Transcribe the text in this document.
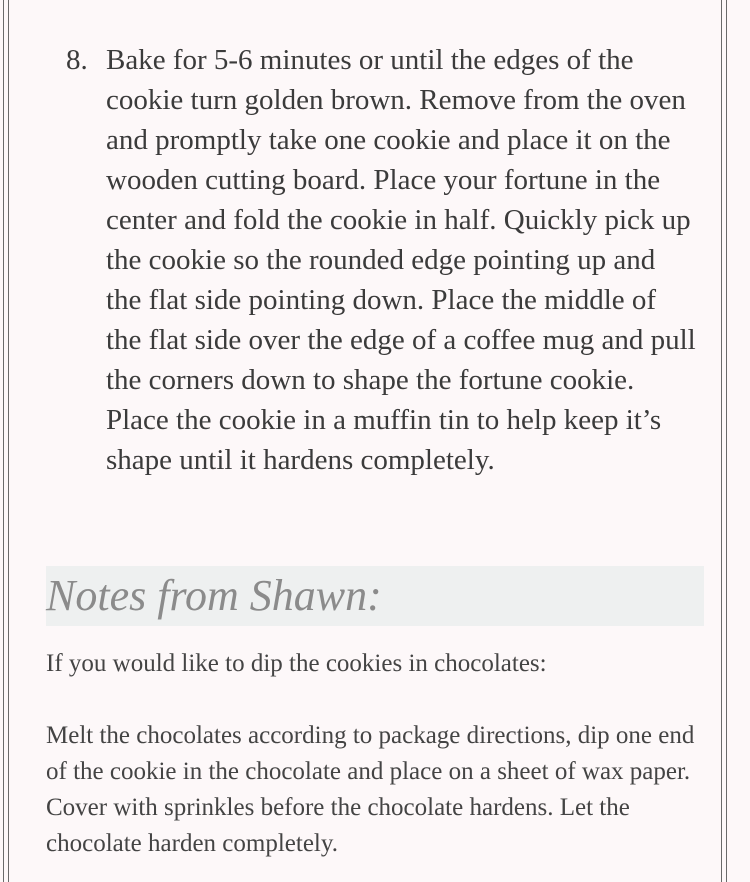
8. Bake for 5-6 minutes or until the edges of the cookie turn golden brown. Remove from the oven and promptly take one cookie and place it on the wooden cutting board. Place your fortune in the center and fold the cookie in half. Quickly pick up the cookie so the rounded edge pointing up and the flat side pointing down. Place the middle of the flat side over the edge of a coffee mug and pull the corners down to shape the fortune cookie. Place the cookie in a muffin tin to help keep it’s shape until it hardens completely.
Notes from Shawn:
If you would like to dip the cookies in chocolates:
Melt the chocolates according to package directions, dip one end of the cookie in the chocolate and place on a sheet of wax paper. Cover with sprinkles before the chocolate hardens. Let the chocolate harden completely.
